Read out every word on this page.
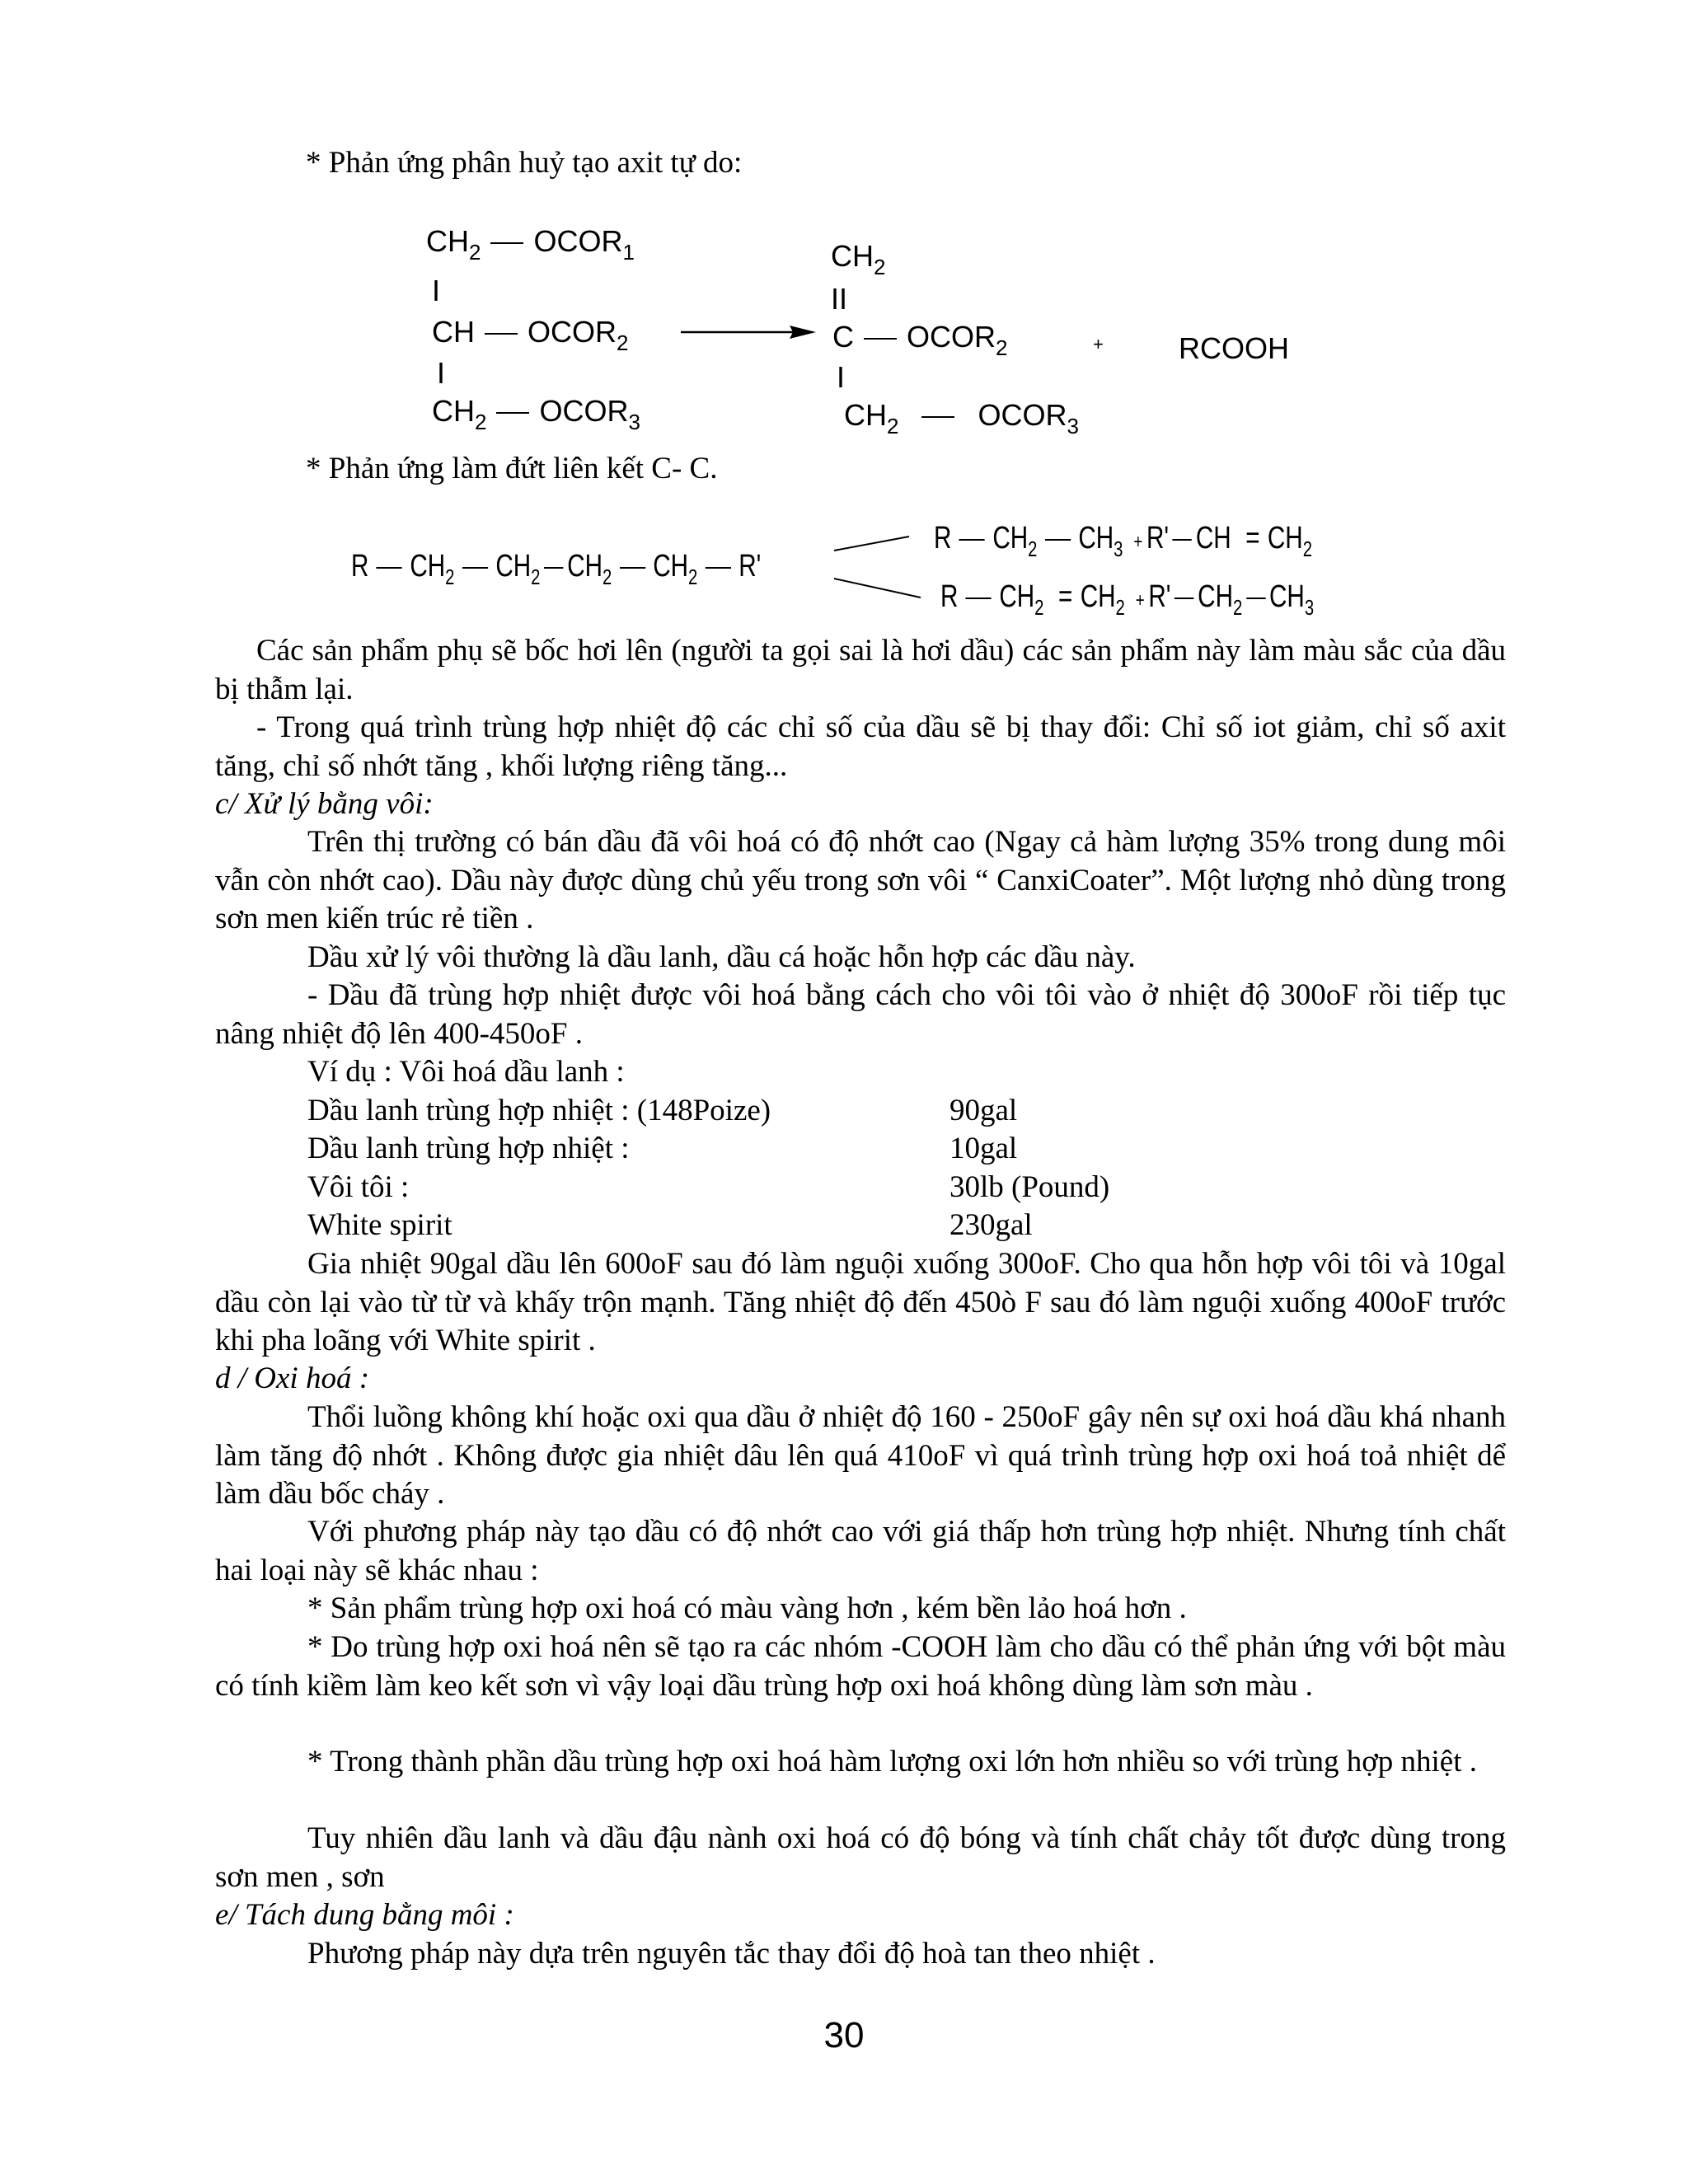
* Phản ứng phân huỷ tạo axit tự do:
$CH_2$ $OCOR_1$
I
CH $OCOR_2$
I
$CH_2$ $OCOR_3$
$CH_2$
II
C $OCOR_2$
I
$CH_2$	$OCOR_3$
+	RCOOH
* Phản ứng làm đứt liên kết C- C.
R $CH_2$ $CH_2$ $CH_2$ $CH_2$ R'
R $CH_2$ $CH_3 + R'$ CH = $CH_2$
R $CH_2 = CH_2 + R'$ $CH_2$ $CH_3$
Các sản phẩm phụ sẽ bốc hơi lên (người ta gọi sai là hơi dầu) các sản phẩm này làm màu sắc của dầu bị thẫm lại.
- Trong quá trình trùng hợp nhiệt độ các chỉ số của dầu sẽ bị thay đổi: Chỉ số iot giảm, chỉ số axit tăng, chỉ số nhớt tăng , khối lượng riêng tăng...
c/ Xử lý bằng vôi:
Trên thị trường có bán dầu đã vôi hoá có độ nhớt cao (Ngay cả hàm lượng 35% trong dung môi vẫn còn nhớt cao). Dầu này được dùng chủ yếu trong sơn vôi “ CanxiCoater”. Một lượng nhỏ dùng trong sơn men kiến trúc rẻ tiền .
Dầu xử lý vôi thường là dầu lanh, dầu cá hoặc hỗn hợp các dầu này.
- Dầu đã trùng hợp nhiệt được vôi hoá bằng cách cho vôi tôi vào ở nhiệt độ 300oF rồi tiếp tục nâng nhiệt độ lên 400-450oF .
Ví dụ : Vôi hoá dầu lanh :
Dầu lanh trùng hợp nhiệt : (148Poize)	90gal
Dầu lanh trùng hợp nhiệt :	10gal
Vôi tôi :	30lb (Pound)
White spirit	230gal
Gia nhiệt 90gal dầu lên 600oF sau đó làm nguội xuống 300oF. Cho qua hỗn hợp vôi tôi và 10gal dầu còn lại vào từ từ và khấy trộn mạnh. Tăng nhiệt độ đến 450ò F sau đó làm nguội xuống 400oF trước khi pha loãng với White spirit .
d / Oxi hoá :
Thổi luồng không khí hoặc oxi qua dầu ở nhiệt độ 160 - 250oF gây nên sự oxi hoá dầu khá nhanh làm tăng độ nhớt . Không được gia nhiệt dâu lên quá 410oF vì quá trình trùng hợp oxi hoá toả nhiệt dể làm dầu bốc cháy .
Với phương pháp này tạo dầu có độ nhớt cao với giá thấp hơn trùng hợp nhiệt. Nhưng tính chất hai loại này sẽ khác nhau :
* Sản phẩm trùng hợp oxi hoá có màu vàng hơn , kém bền lảo hoá hơn .
* Do trùng hợp oxi hoá nên sẽ tạo ra các nhóm -COOH làm cho dầu có thể phản ứng với bột màu có tính kiềm làm keo kết sơn vì vậy loại dầu trùng hợp oxi hoá không dùng làm sơn màu .
* Trong thành phần dầu trùng hợp oxi hoá hàm lượng oxi lớn hơn nhiều so với trùng hợp nhiệt .
Tuy nhiên dầu lanh và dầu đậu nành oxi hoá có độ bóng và tính chất chảy tốt được dùng trong sơn men , sơn
e/ Tách dung bằng môi :
Phương pháp này dựa trên nguyên tắc thay đổi độ hoà tan theo nhiệt .
30
